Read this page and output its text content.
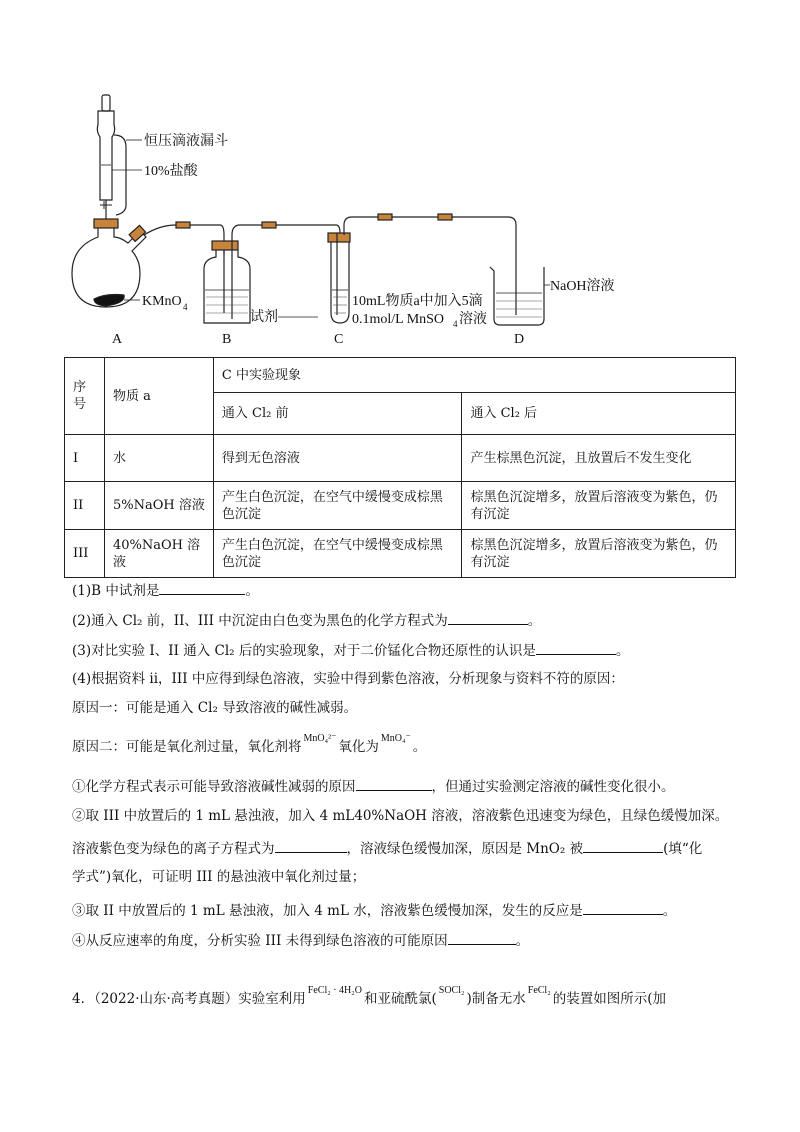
恒压滴液漏斗
10%盐酸
KMnO 4
试剂
10mL物质a中加入5滴
0.1mol/L MnSO 4 溶液
NaOH溶液
A	B	C	D
序号	物质 a	C 中实验现象	
		通入 Cl₂ 前	通入 Cl₂ 后
I	水	得到无色溶液	产生棕黑色沉淀，且放置后不发生变化
II	5%NaOH 溶液	产生白色沉淀，在空气中缓慢变成棕黑色沉淀	棕黑色沉淀增多，放置后溶液变为紫色，仍有沉淀
III	40%NaOH 溶液	产生白色沉淀，在空气中缓慢变成棕黑色沉淀	棕黑色沉淀增多，放置后溶液变为紫色，仍有沉淀
(1)B 中试剂是	。
(2)通入 Cl₂ 前，II、III 中沉淀由白色变为黑色的化学方程式为	。
(3)对比实验 I、II 通入 Cl₂ 后的实验现象，对于二价锰化合物还原性的认识是	。
(4)根据资料 ii，III 中应得到绿色溶液，实验中得到紫色溶液，分析现象与资料不符的原因：
原因一：可能是通入 Cl₂ 导致溶液的碱性减弱。
原因二：可能是氧化剂过量，氧化剂将MnO₄²⁻氧化为MnO₄⁻。
①化学方程式表示可能导致溶液碱性减弱的原因	，但通过实验测定溶液的碱性变化很小。
②取 III 中放置后的 1 mL 悬浊液，加入 4 mL40%NaOH 溶液，溶液紫色迅速变为绿色，且绿色缓慢加深。
溶液紫色变为绿色的离子方程式为	，溶液绿色缓慢加深，原因是 MnO₂ 被	(填“化
学式”)氧化，可证明 III 的悬浊液中氧化剂过量；
③取 II 中放置后的 1 mL 悬浊液，加入 4 mL 水，溶液紫色缓慢加深，发生的反应是	。
④从反应速率的角度，分析实验 III 未得到绿色溶液的可能原因	。
4．（2022·山东·高考真题）实验室利用FeCl₂ · 4H₂O和亚硫酰氯(SOCl₂)制备无水FeCl₂的装置如图所示(加
